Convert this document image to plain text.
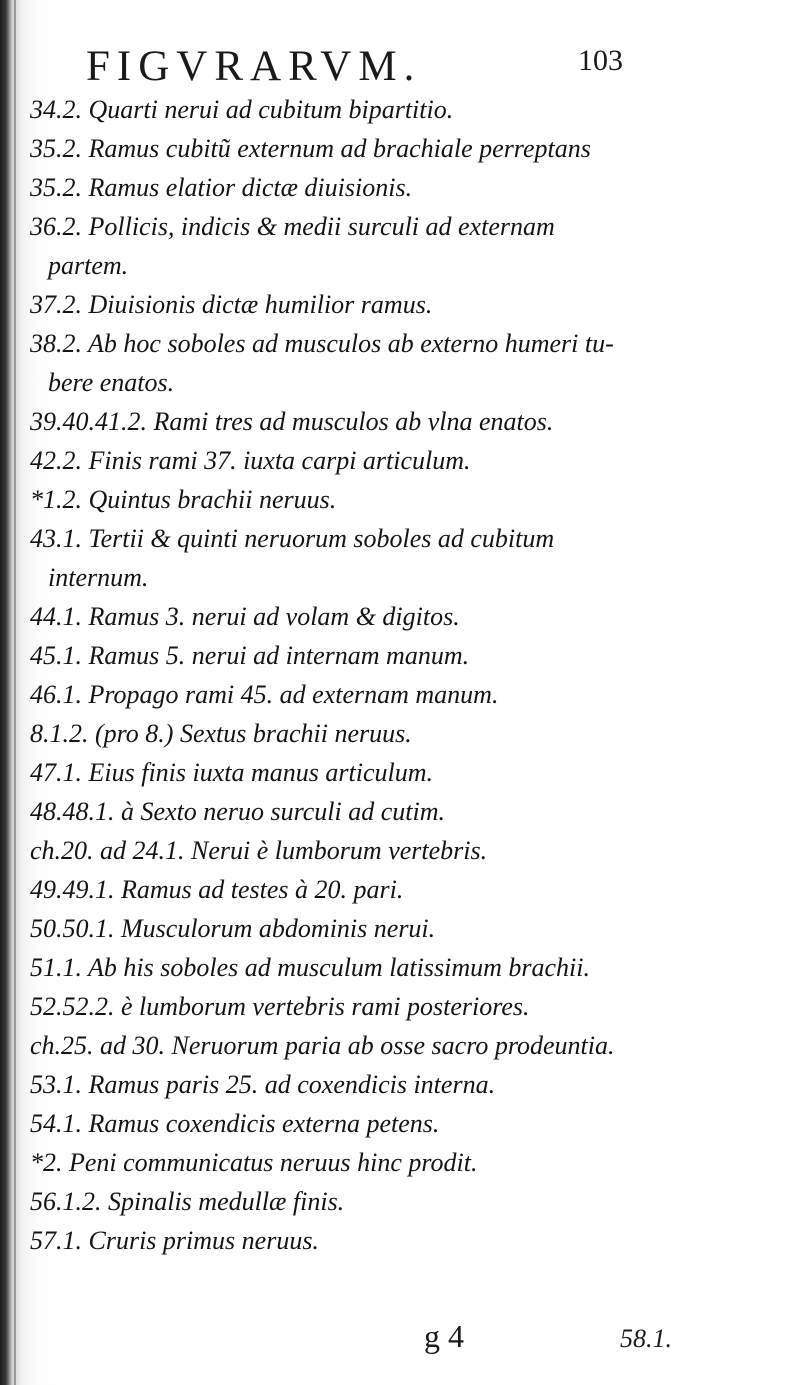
FIGVRARVM.	103
34.2. Quarti nerui ad cubitum bipartitio.
35.2. Ramus cubitũ externum ad brachiale perreptans
35.2. Ramus elatior dictæ diuisionis.
36.2. Pollicis, indicis & medii surculi ad externam
partem.
37.2. Diuisionis dictæ humilior ramus.
38.2. Ab hoc soboles ad musculos ab externo humeri tu-
bere enatos.
39.40.41.2. Rami tres ad musculos ab vlna enatos.
42.2. Finis rami 37. iuxta carpi articulum.
*1.2. Quintus brachii neruus.
43.1. Tertii & quinti neruorum soboles ad cubitum
internum.
44.1. Ramus 3. nerui ad volam & digitos.
45.1. Ramus 5. nerui ad internam manum.
46.1. Propago rami 45. ad externam manum.
8.1.2. (pro 8.) Sextus brachii neruus.
47.1. Eius finis iuxta manus articulum.
48.48.1. à Sexto neruo surculi ad cutim.
ch.20. ad 24.1. Nerui è lumborum vertebris.
49.49.1. Ramus ad testes à 20. pari.
50.50.1. Musculorum abdominis nerui.
51.1. Ab his soboles ad musculum latissimum brachii.
52.52.2. è lumborum vertebris rami posteriores.
ch.25. ad 30. Neruorum paria ab osse sacro prodeuntia.
53.1. Ramus paris 25. ad coxendicis interna.
54.1. Ramus coxendicis externa petens.
*2. Peni communicatus neruus hinc prodit.
56.1.2. Spinalis medullæ finis.
57.1. Cruris primus neruus.
g 4	58.1.
